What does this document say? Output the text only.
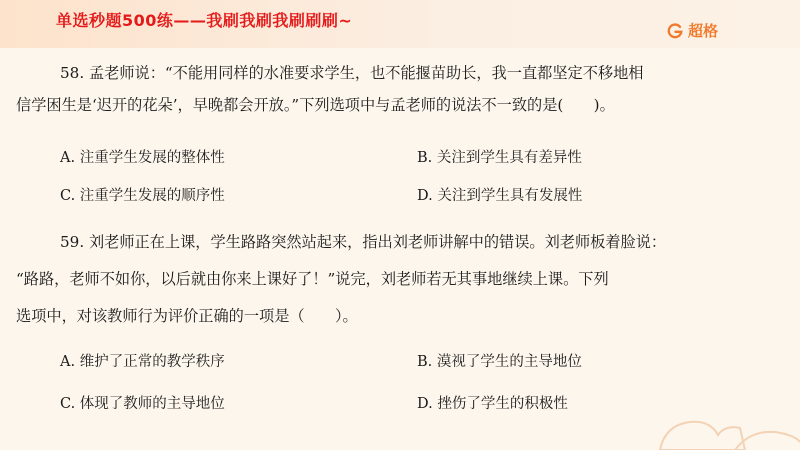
单选秒题500练——我刷我刷我刷刷刷~
超格
58. 孟老师说：“不能用同样的水准要求学生，也不能揠苗助长，我一直都坚定不移地相
信学困生是‘迟开的花朵’，早晚都会开放。”下列选项中与孟老师的说法不一致的是(　　)。
A. 注重学生发展的整体性	B. 关注到学生具有差异性
C. 注重学生发展的顺序性	D. 关注到学生具有发展性
59. 刘老师正在上课，学生路路突然站起来，指出刘老师讲解中的错误。刘老师板着脸说：
“路路，老师不如你，以后就由你来上课好了！”说完，刘老师若无其事地继续上课。下列
选项中，对该教师行为评价正确的一项是（　　）。
A. 维护了正常的教学秩序	B. 漠视了学生的主导地位
C. 体现了教师的主导地位	D. 挫伤了学生的积极性
